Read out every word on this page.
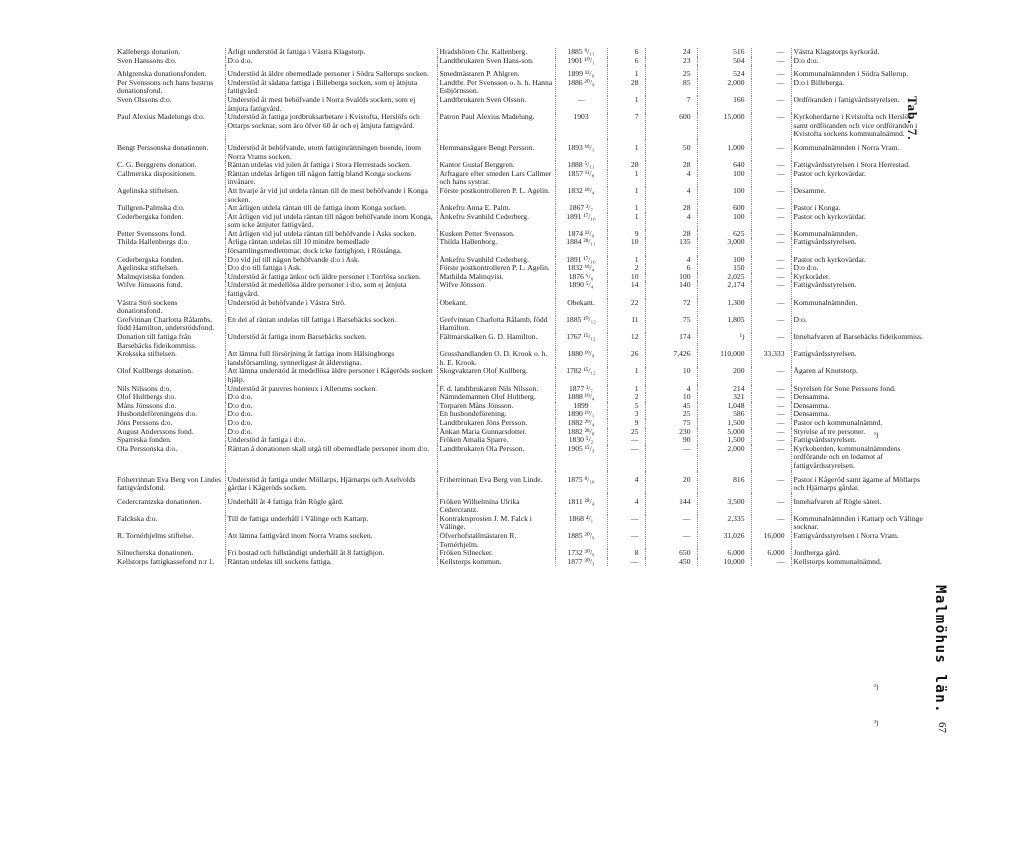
Kallebergs donation.	Årligt understöd åt fattiga i Västra Klagstorp.	Hradshören Chr. Kallenberg.	1885 ⁹/₁₁	6	24	516	—	Västra Klagstorps kyrkoråd.
Sven Hanssons d:o.	D:o d:o.	Landtbrukaren Sven Hans-son.	1901 ¹⁰/₁	6	23	504	—	D:o d:o.
Ahlgrenska donationsfonden.	Understöd åt äldre obemedlade personer i Södra Sallerups socken.	Smedmästaren P. Ahlgren.	1899 ¹²/₆	1	25	524	—	Kommunalnämnden i Södra Sallerup.
Per Svenssons och hans hustrus donationsfond.	Understöd åt sådana fattiga i Billeberga socken, som ej åtnjuta fattigvård.	Landtbr. Per Svensson o. h. h. Hanna Esbjörnsson.	1886 ²⁰/₉	28	85	2,000	—	D:o i Billeberga.
Sven Olssons d:o.	Understöd åt mest behöfvande i Norra Svalöfs socken, som ej åtnjuta fattigvård.	Landtbrukaren Sven Olsson.	—	1	7	166	—	Ordföranden i fattigvårdsstyrelsen.
Paul Alexius Madelungs d:o.	Understöd åt fattiga jordbruksarbetare i Kvistofta, Herslöfs och Ottarps socknar, som äro öfver 60 år och ej åtnjuta fattigvård.	Patron Paul Alexius Madelung.	1903	7	600	15,000	—	Kyrkoherdarne i Kvistofta och Herslöf samt ordföranden och vice ordföranden i Kvistofta sockens kommunalnämnd.
Bengt Perssonska donationen.	Understöd åt behöfvande, utom fattiginrättningen boende, inom Norra Vrams socken.	Hemmansägare Bengt Persson.	1893 ¹⁸/₁	1	50	1,000	—	Kommunalnämnden i Norra Vram.
C. G. Berggrens donation.	Räntan utdelas vid julen åt fattiga i Stora Herrestads socken.	Kantor Gustaf Berggren.	1888 ⁵/₁₁	28	28	640	—	Fattigvårdsstyrelsen i Stora Herrestad.
Callmerska dispositionen.	Räntan utdelas årligen till någon fattig bland Konga sockens invånare.	Arftagare efter smeden Lars Callmer och hans systrar.	1857 ¹¹/₈	1	4	100	—	Pastor och kyrkovärdar.
Agelinska stiftelsen.	Att hvarje år vid jul utdela räntan till de mest behöfvande i Konga socken.	Förste postkontrolleren P. L. Agelin.	1832 ¹⁸/₄	1	4	100	—	Desamme.
Tullgren-Palmska d:o.	Att årligen utdela räntan till de fattiga inom Konga socken.	Änkefru Anna E. Palm.	1867 ²/₇	1	28	600	—	Pastor i Konga.
Cederbergska fonden.	Att årligen vid jul utdela räntan till någon behöfvande inom Konga, som icke åtnjuter fattigvård.	Änkefru Svanhild Cederberg.	1891 ¹⁷/₁₀	1	4	100	—	Pastor och kyrkovärdar.
Petter Svenssons fond.	Att årligen vid jul utdela räntan till behöfvande i Asks socken.	Kusken Petter Svensson.	1874 ¹²/₉	9	28	625	—	Kommunalnämnden.
Thilda Hallenborgs d:o.	Årliga räntan utdelas till 10 mindre bemedlade församlingsmedlemmar, dock icke fattighjon, i Röstånga.	Thilda Hallenborg.	1884 ²⁸/₁₁	10	135	3,000	—	Fattigvårdsstyrelsen.
Cederbergska fonden.	D:o vid jul till någon behöfvande d:o i Ask.	Änkefru Svanhild Cederberg.	1891 ¹⁷/₁₀	1	4	100	—	Pastor och kyrkovärdar.
Agelinska stiftelsen.	D:o d:o till fattiga i Ask.	Förste postkontrolleren P. L. Agelin.	1832 ¹⁸/₄	2	6	150	—	D:o d:o.
Malmqvistska fonden.	Understöd åt fattiga änkor och äldre personer i Torrlösa socken.	Mathilda Malmqvist.	1876 ⁶/₆	10	100	2,025	—	Kyrkorådet.
Wifve Jönssons fond.	Understöd åt medellösa äldre personer i d:o, som ej åtnjuta fattigvård.	Wifve Jönsson.	1890 ⁵/₄	14	140	2,174	—	Fattigvårdsstyrelsen.
Västra Strö sockens donationsfond.	Understöd åt behöfvande i Västra Strö.	Obekant.	Obekant.	22	72	1,300	—	Kommunalnämnden.
Grefvinnan Charlotta Rålambs, född Hamilton, understödsfond.	En del af räntan utdelas till fattiga i Barsebäcks socken.	Grefvinnan Charlotta Rålamb, född Hamilton.	1885 ¹⁰/₁₂	11	75	1,805	—	D:o.
Donation till fattiga från Barsebäcks fideikommiss.	Understöd åt fattiga inom Barsebäcks socken.	Fältmarskalken G. D. Hamilton.	1767 ¹⁵/₁₂	12	174	¹)	—	Innehafvaren af Barsebäcks fideikommiss.
Kroksska stiftelsen.	Att lämna full försörjning åt fattiga inom Hälsingborgs landsförsamling, synnerligast åt ålderstigna.	Grosshandlanden O. D. Krook o. h. h. E. Krook.	1880 ¹⁹/₉	26	7,426	110,000	33,333	Fattigvårdsstyrelsen.
Olof Kullbergs donation.	Att lämna understöd åt medellösa äldre personer i Kågeröds socken hjälp.	Skogvaktaren Olof Kullberg.	1782 ¹⁵/₁₂	1	10	200	—	Ägaren af Knutstorp.
Nils Nilssons d:o.	Understöd åt pauvres honteux i Allerums socken.	F. d. landtbrukaren Nils Nilsson.	1877 ³/₇	1	4	214	—	Styrelsen för Sone Perssons fond.
Olof Hultbergs d:o.	D:o d:o.	Nämndemannen Olof Hultberg.	1888 ¹⁹/₄	2	10	321	—	Densamma.
Måns Jönssons d:o.	D:o d:o.	Torparen Måns Jönsson.	1899	5	45	1,048	—	Densamma.
Husbondeföreningens d:o.	D:o d:o.	En husbondeförening.	1890 ¹⁹/₁	3	25	586	—	Densamma.
Jöns Perssons d:o.	D:o d:o.	Landtbrukaren Jöns Persson.	1882 ²⁹/₄	9	75	1,500	—	Pastor och kommunalnämnd.
August Anderssons fond.	D:o d:o.	Änkan Maria Gunnarsdotter.	1882 ²⁸/₈	25	230	5,000	—	Styrelse af tre personer.
Sparreska fonden.	Understöd åt fattiga i d:o.	Fröken Amalia Sparre.	1830 ⁵/₂	—	90	1,500	—	Fattigvårdsstyrelsen.
Ola Perssonska d:o.	Räntan å donationen skall utgå till obemedlade personer inom d:o.	Landtbrukaren Ola Persson.	1905 ¹⁵/₃	—	—	2,000	—	Kyrkoherden, kommunalnämndens ordförande och en ledamot af fattigvårdsstyrelsen.
Friherrinnan Eva Berg von Lindes fattigvårdsfond.	Understöd åt fattiga under Möllarps, Hjärnarps och Axelvolds gårdar i Kågeröds socken.	Friherrinnan Eva Berg von Linde.	1875 ⁸/₁₀	4	20	816	—	Pastor i Kågeröd samt ägarne af Möllarps och Hjärnarps gårdar.
Cedercrantzska donationen.	Underhåll åt 4 fattiga från Rögle gård.	Fröken Wilhelmina Ulrika Cedercrantz.	1811 ²⁸/₄	4	144	3,500	—	Innehafvaren af Rögle säteri.
Falckska d:o.	Till de fattiga underhåll i Välinge och Kattarp.	Kontraktsprosten J. M. Falck i Välinge.	1868 ⁴/₁	—	—	2,335	—	Kommunalnämnden i Kattarp och Välinge socknar.
R. Tornérhjelms stiftelse.	Att lämna fattigvård inom Norra Vrams socken.	Öfverhofstallmästaren R. Tornérhjelm.	1885 ³⁰/₉	—	—	31,026	16,000	Fattigvårdsstyrelsen i Norra Vram.
Silnecherska donationen.	Fri bostad och fullständigt underhåll åt 8 fattighjon.	Fröken Silnecker.	1732 ³⁰/₉	8	650	6,000	6,000	Jordbergа gård.
Kellstorps fattigkassefond n:r 1.	Räntan utdelas till sockens fattiga.	Kellstorps kommun.	1877 ³⁰/₃	—	450	10,000	—	Kellstorps kommunalnämnd.
Tab. 7.
Malmöhus län.
67
¹)
²)
³)
